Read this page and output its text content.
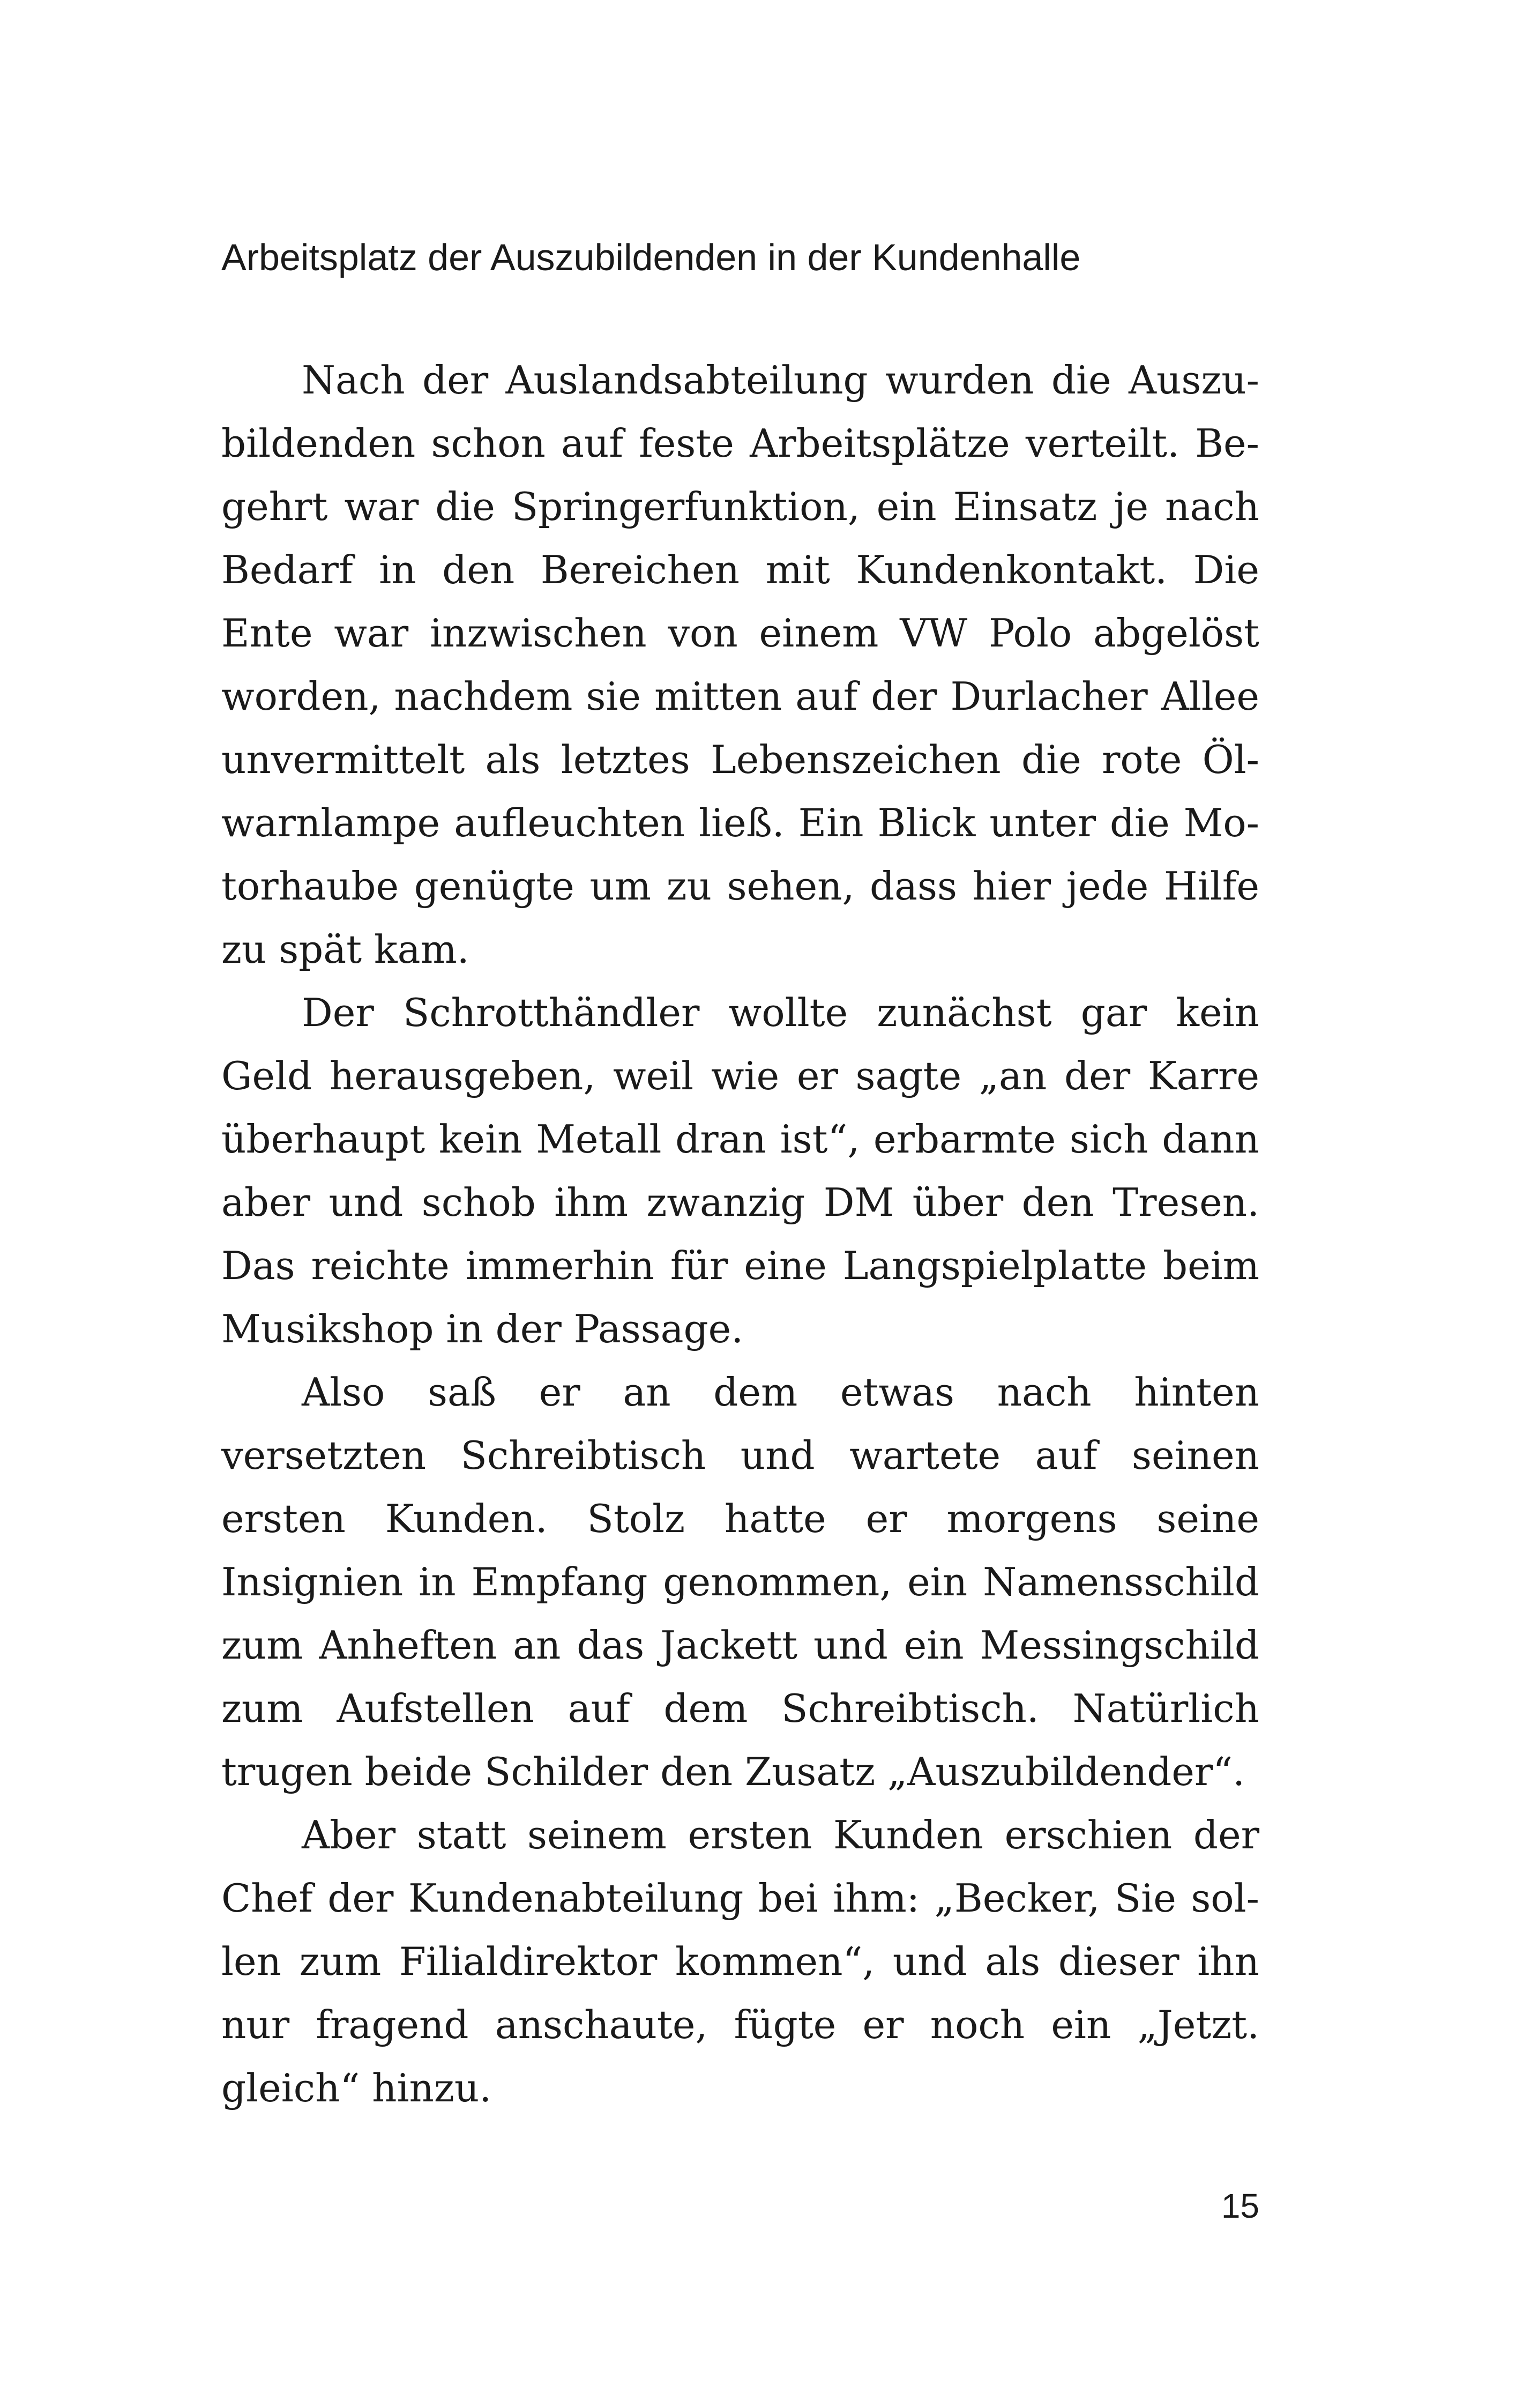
Arbeitsplatz der Auszubildenden in der Kundenhalle

Nach der Auslandsabteilung wurden die Auszubildenden schon auf feste Arbeitsplätze verteilt. Begehrt war die Springerfunktion, ein Einsatz je nach Bedarf in den Bereichen mit Kundenkontakt. Die Ente war inzwischen von einem VW Polo abgelöst worden, nachdem sie mitten auf der Durlacher Allee unvermittelt als letztes Lebenszeichen die rote Ölwarnlampe aufleuchten ließ. Ein Blick unter die Motorhaube genügte um zu sehen, dass hier jede Hilfe zu spät kam.

Der Schrotthändler wollte zunächst gar kein Geld herausgeben, weil wie er sagte „an der Karre überhaupt kein Metall dran ist“, erbarmte sich dann aber und schob ihm zwanzig DM über den Tresen. Das reichte immerhin für eine Langspielplatte beim Musikshop in der Passage.

Also saß er an dem etwas nach hinten versetzten Schreibtisch und wartete auf seinen ersten Kunden. Stolz hatte er morgens seine Insignien in Empfang genommen, ein Namensschild zum Anheften an das Jackett und ein Messingschild zum Aufstellen auf dem Schreibtisch. Natürlich trugen beide Schilder den Zusatz „Auszubildender“.

Aber statt seinem ersten Kunden erschien der Chef der Kundenabteilung bei ihm: „Becker, Sie sollen zum Filialdirektor kommen“, und als dieser ihn nur fragend anschaute, fügte er noch ein „Jetzt. gleich“ hinzu.

15
